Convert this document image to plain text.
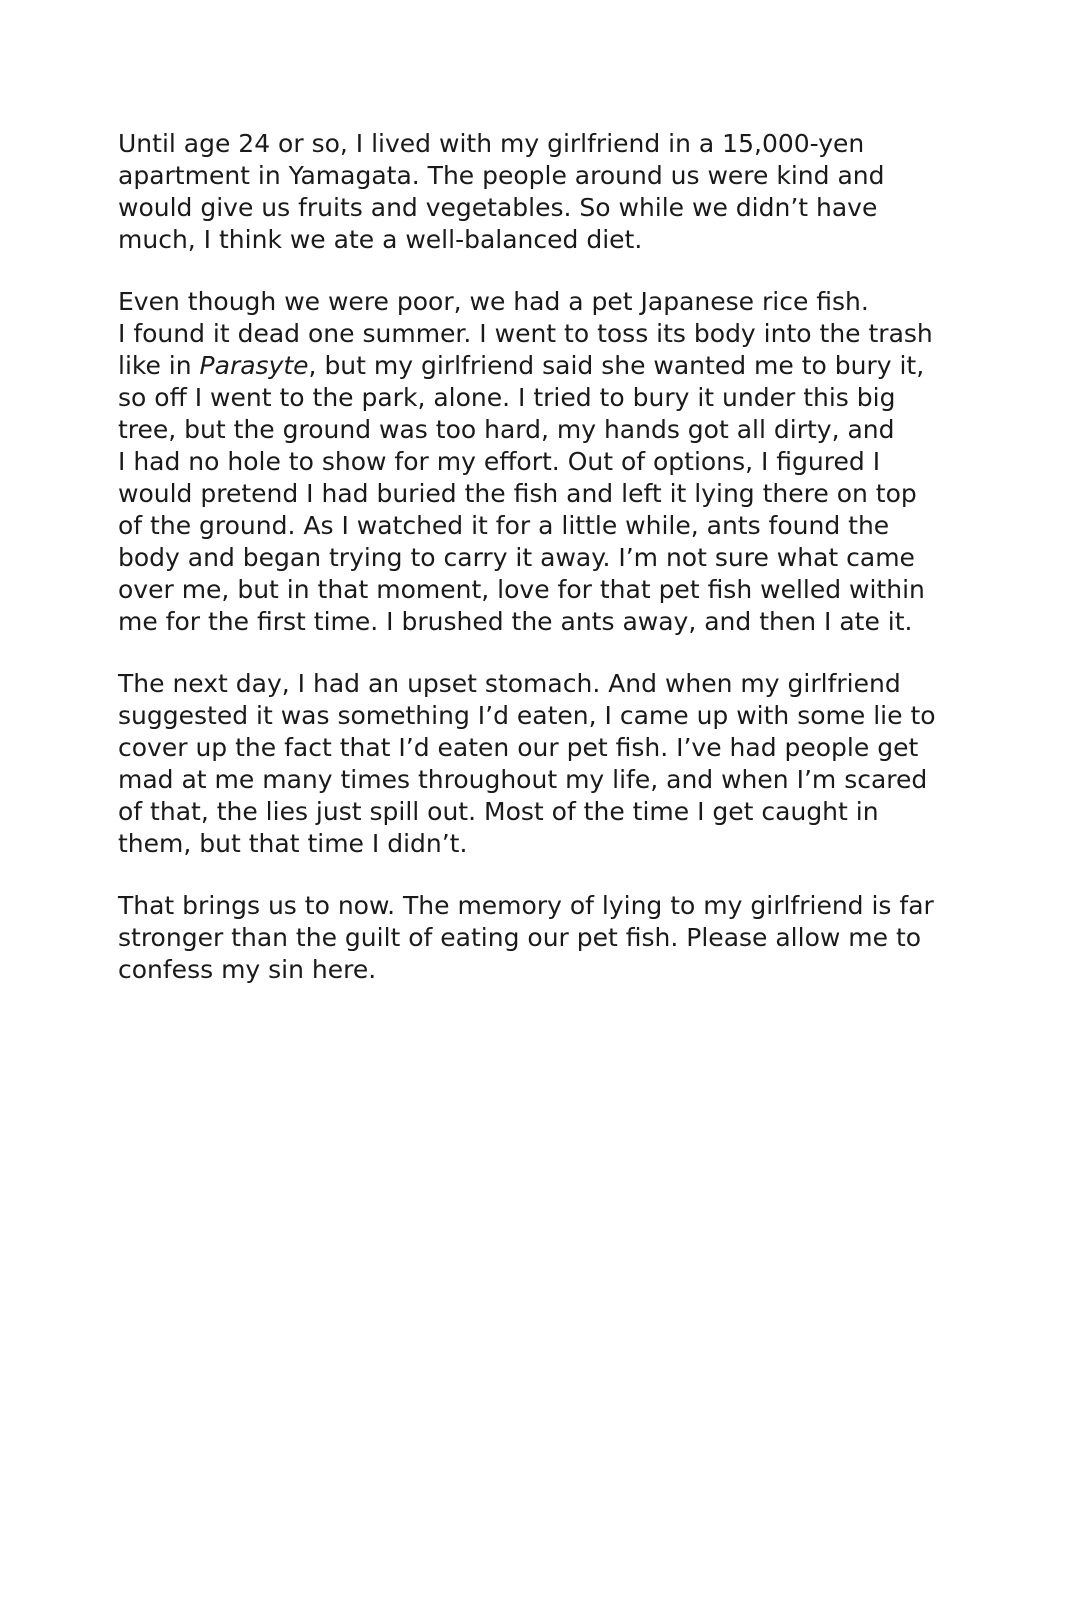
Until age 24 or so, I lived with my girlfriend in a 15,000-yen
apartment in Yamagata. The people around us were kind and
would give us fruits and vegetables. So while we didn’t have
much, I think we ate a well-balanced diet.
Even though we were poor, we had a pet Japanese rice fish.
I found it dead one summer. I went to toss its body into the trash
like in Parasyte, but my girlfriend said she wanted me to bury it,
so off I went to the park, alone. I tried to bury it under this big
tree, but the ground was too hard, my hands got all dirty, and
I had no hole to show for my effort. Out of options, I figured I
would pretend I had buried the fish and left it lying there on top
of the ground. As I watched it for a little while, ants found the
body and began trying to carry it away. I’m not sure what came
over me, but in that moment, love for that pet fish welled within
me for the first time. I brushed the ants away, and then I ate it.
The next day, I had an upset stomach. And when my girlfriend
suggested it was something I’d eaten, I came up with some lie to
cover up the fact that I’d eaten our pet fish. I’ve had people get
mad at me many times throughout my life, and when I’m scared
of that, the lies just spill out. Most of the time I get caught in
them, but that time I didn’t.
That brings us to now. The memory of lying to my girlfriend is far
stronger than the guilt of eating our pet fish. Please allow me to
confess my sin here.
